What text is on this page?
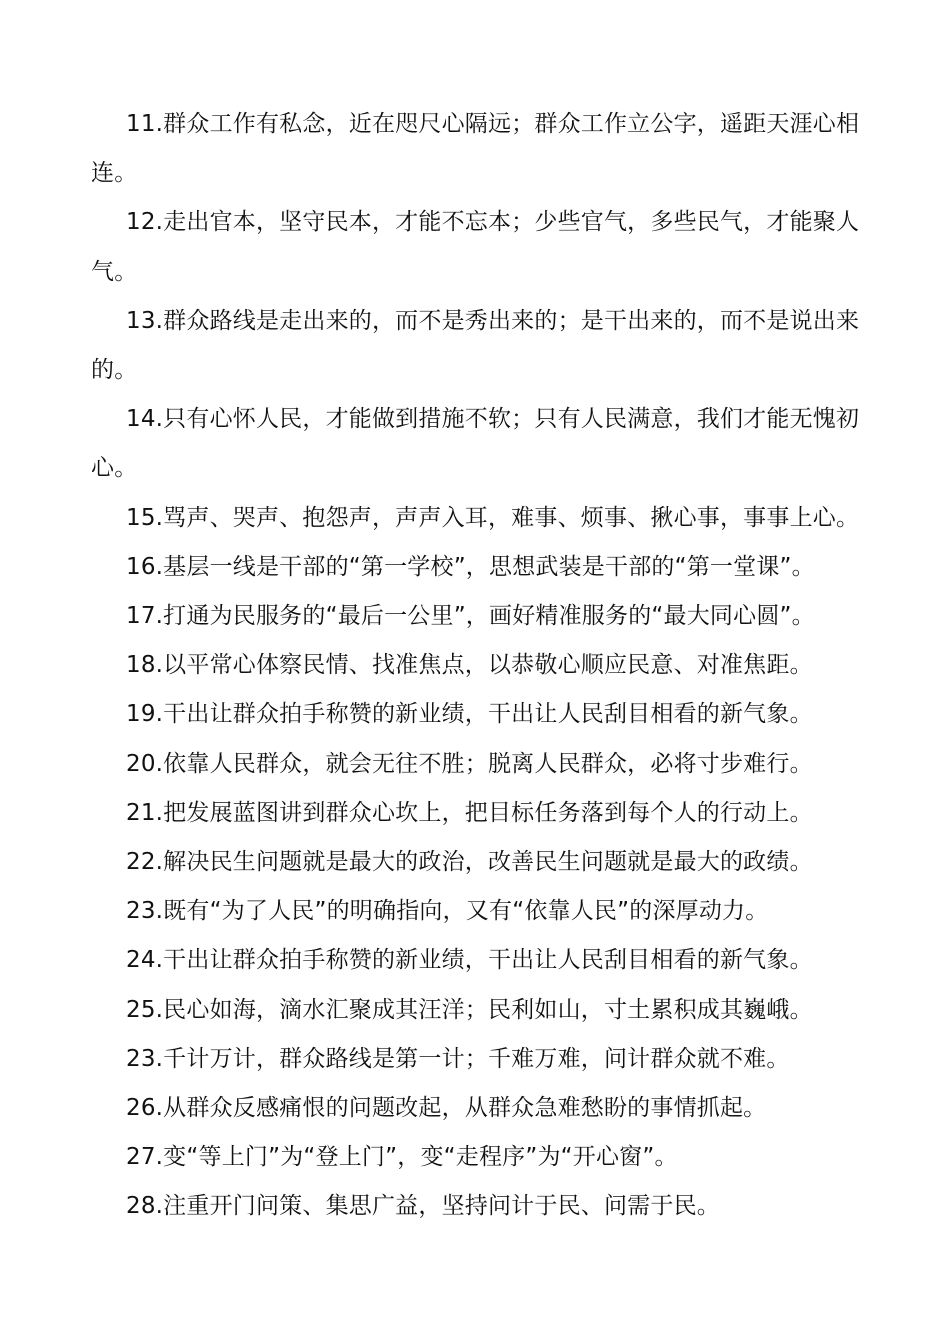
11.群众工作有私念，近在咫尺心隔远；群众工作立公字，遥距天涯心相连。

12.走出官本，坚守民本，才能不忘本；少些官气，多些民气，才能聚人气。

13.群众路线是走出来的，而不是秀出来的；是干出来的，而不是说出来的。

14.只有心怀人民，才能做到措施不软；只有人民满意，我们才能无愧初心。

15.骂声、哭声、抱怨声，声声入耳，难事、烦事、揪心事，事事上心。

16.基层一线是干部的“第一学校”，思想武装是干部的“第一堂课”。

17.打通为民服务的“最后一公里”，画好精准服务的“最大同心圆”。

18.以平常心体察民情、找准焦点，以恭敬心顺应民意、对准焦距。

19.干出让群众拍手称赞的新业绩，干出让人民刮目相看的新气象。

20.依靠人民群众，就会无往不胜；脱离人民群众，必将寸步难行。

21.把发展蓝图讲到群众心坎上，把目标任务落到每个人的行动上。

22.解决民生问题就是最大的政治，改善民生问题就是最大的政绩。

23.既有“为了人民”的明确指向，又有“依靠人民”的深厚动力。

24.干出让群众拍手称赞的新业绩，干出让人民刮目相看的新气象。

25.民心如海，滴水汇聚成其汪洋；民利如山，寸土累积成其巍峨。

23.千计万计，群众路线是第一计；千难万难，问计群众就不难。

26.从群众反感痛恨的问题改起，从群众急难愁盼的事情抓起。

27.变“等上门”为“登上门”，变“走程序”为“开心窗”。

28.注重开门问策、集思广益，坚持问计于民、问需于民。
